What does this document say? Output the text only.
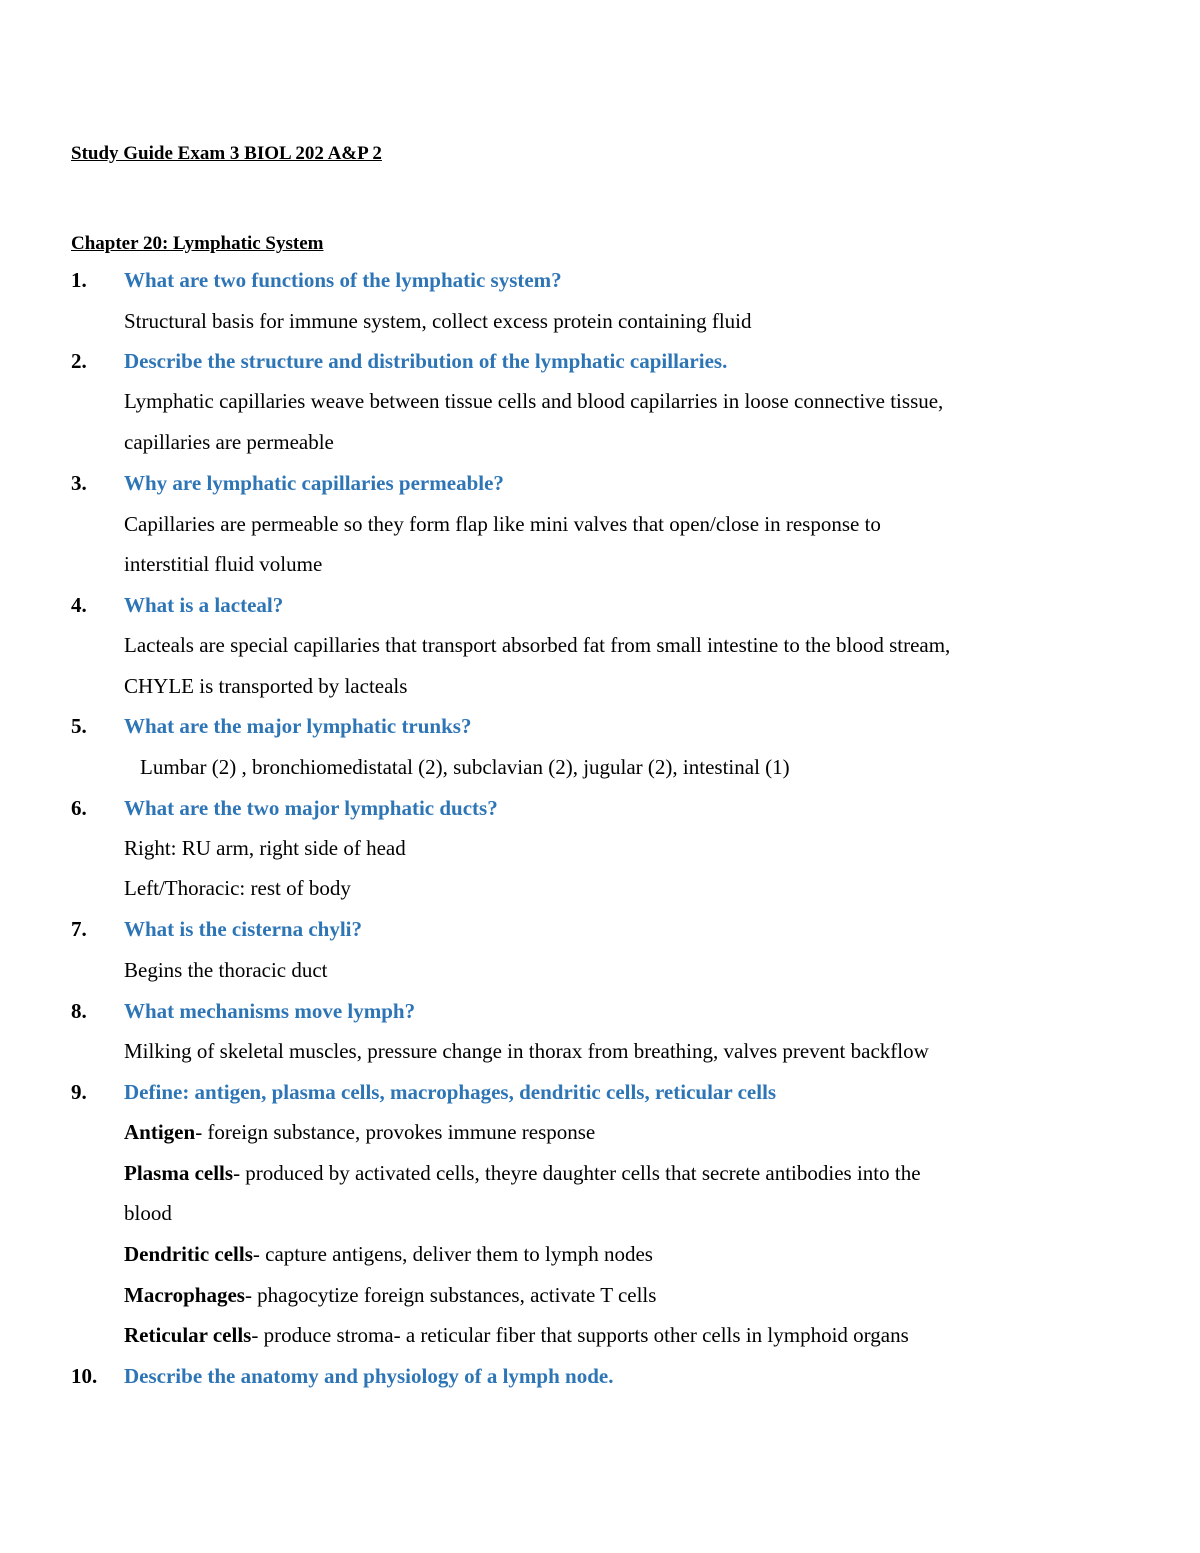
Study Guide Exam 3 BIOL 202 A&P 2
Chapter 20: Lymphatic System
1. What are two functions of the lymphatic system?
Structural basis for immune system, collect excess protein containing fluid
2. Describe the structure and distribution of the lymphatic capillaries.
Lymphatic capillaries weave between tissue cells and blood capilarries in loose connective tissue,
capillaries are permeable
3. Why are lymphatic capillaries permeable?
Capillaries are permeable so they form flap like mini valves that open/close in response to
interstitial fluid volume
4. What is a lacteal?
Lacteals are special capillaries that transport absorbed fat from small intestine to the blood stream,
CHYLE is transported by lacteals
5. What are the major lymphatic trunks?
Lumbar (2) , bronchiomedistatal (2), subclavian (2), jugular (2), intestinal (1)
6. What are the two major lymphatic ducts?
Right: RU arm, right side of head
Left/Thoracic: rest of body
7. What is the cisterna chyli?
Begins the thoracic duct
8. What mechanisms move lymph?
Milking of skeletal muscles, pressure change in thorax from breathing, valves prevent backflow
9. Define: antigen, plasma cells, macrophages, dendritic cells, reticular cells
Antigen- foreign substance, provokes immune response
Plasma cells- produced by activated cells, theyre daughter cells that secrete antibodies into the
blood
Dendritic cells- capture antigens, deliver them to lymph nodes
Macrophages- phagocytize foreign substances, activate T cells
Reticular cells- produce stroma- a reticular fiber that supports other cells in lymphoid organs
10. Describe the anatomy and physiology of a lymph node.
